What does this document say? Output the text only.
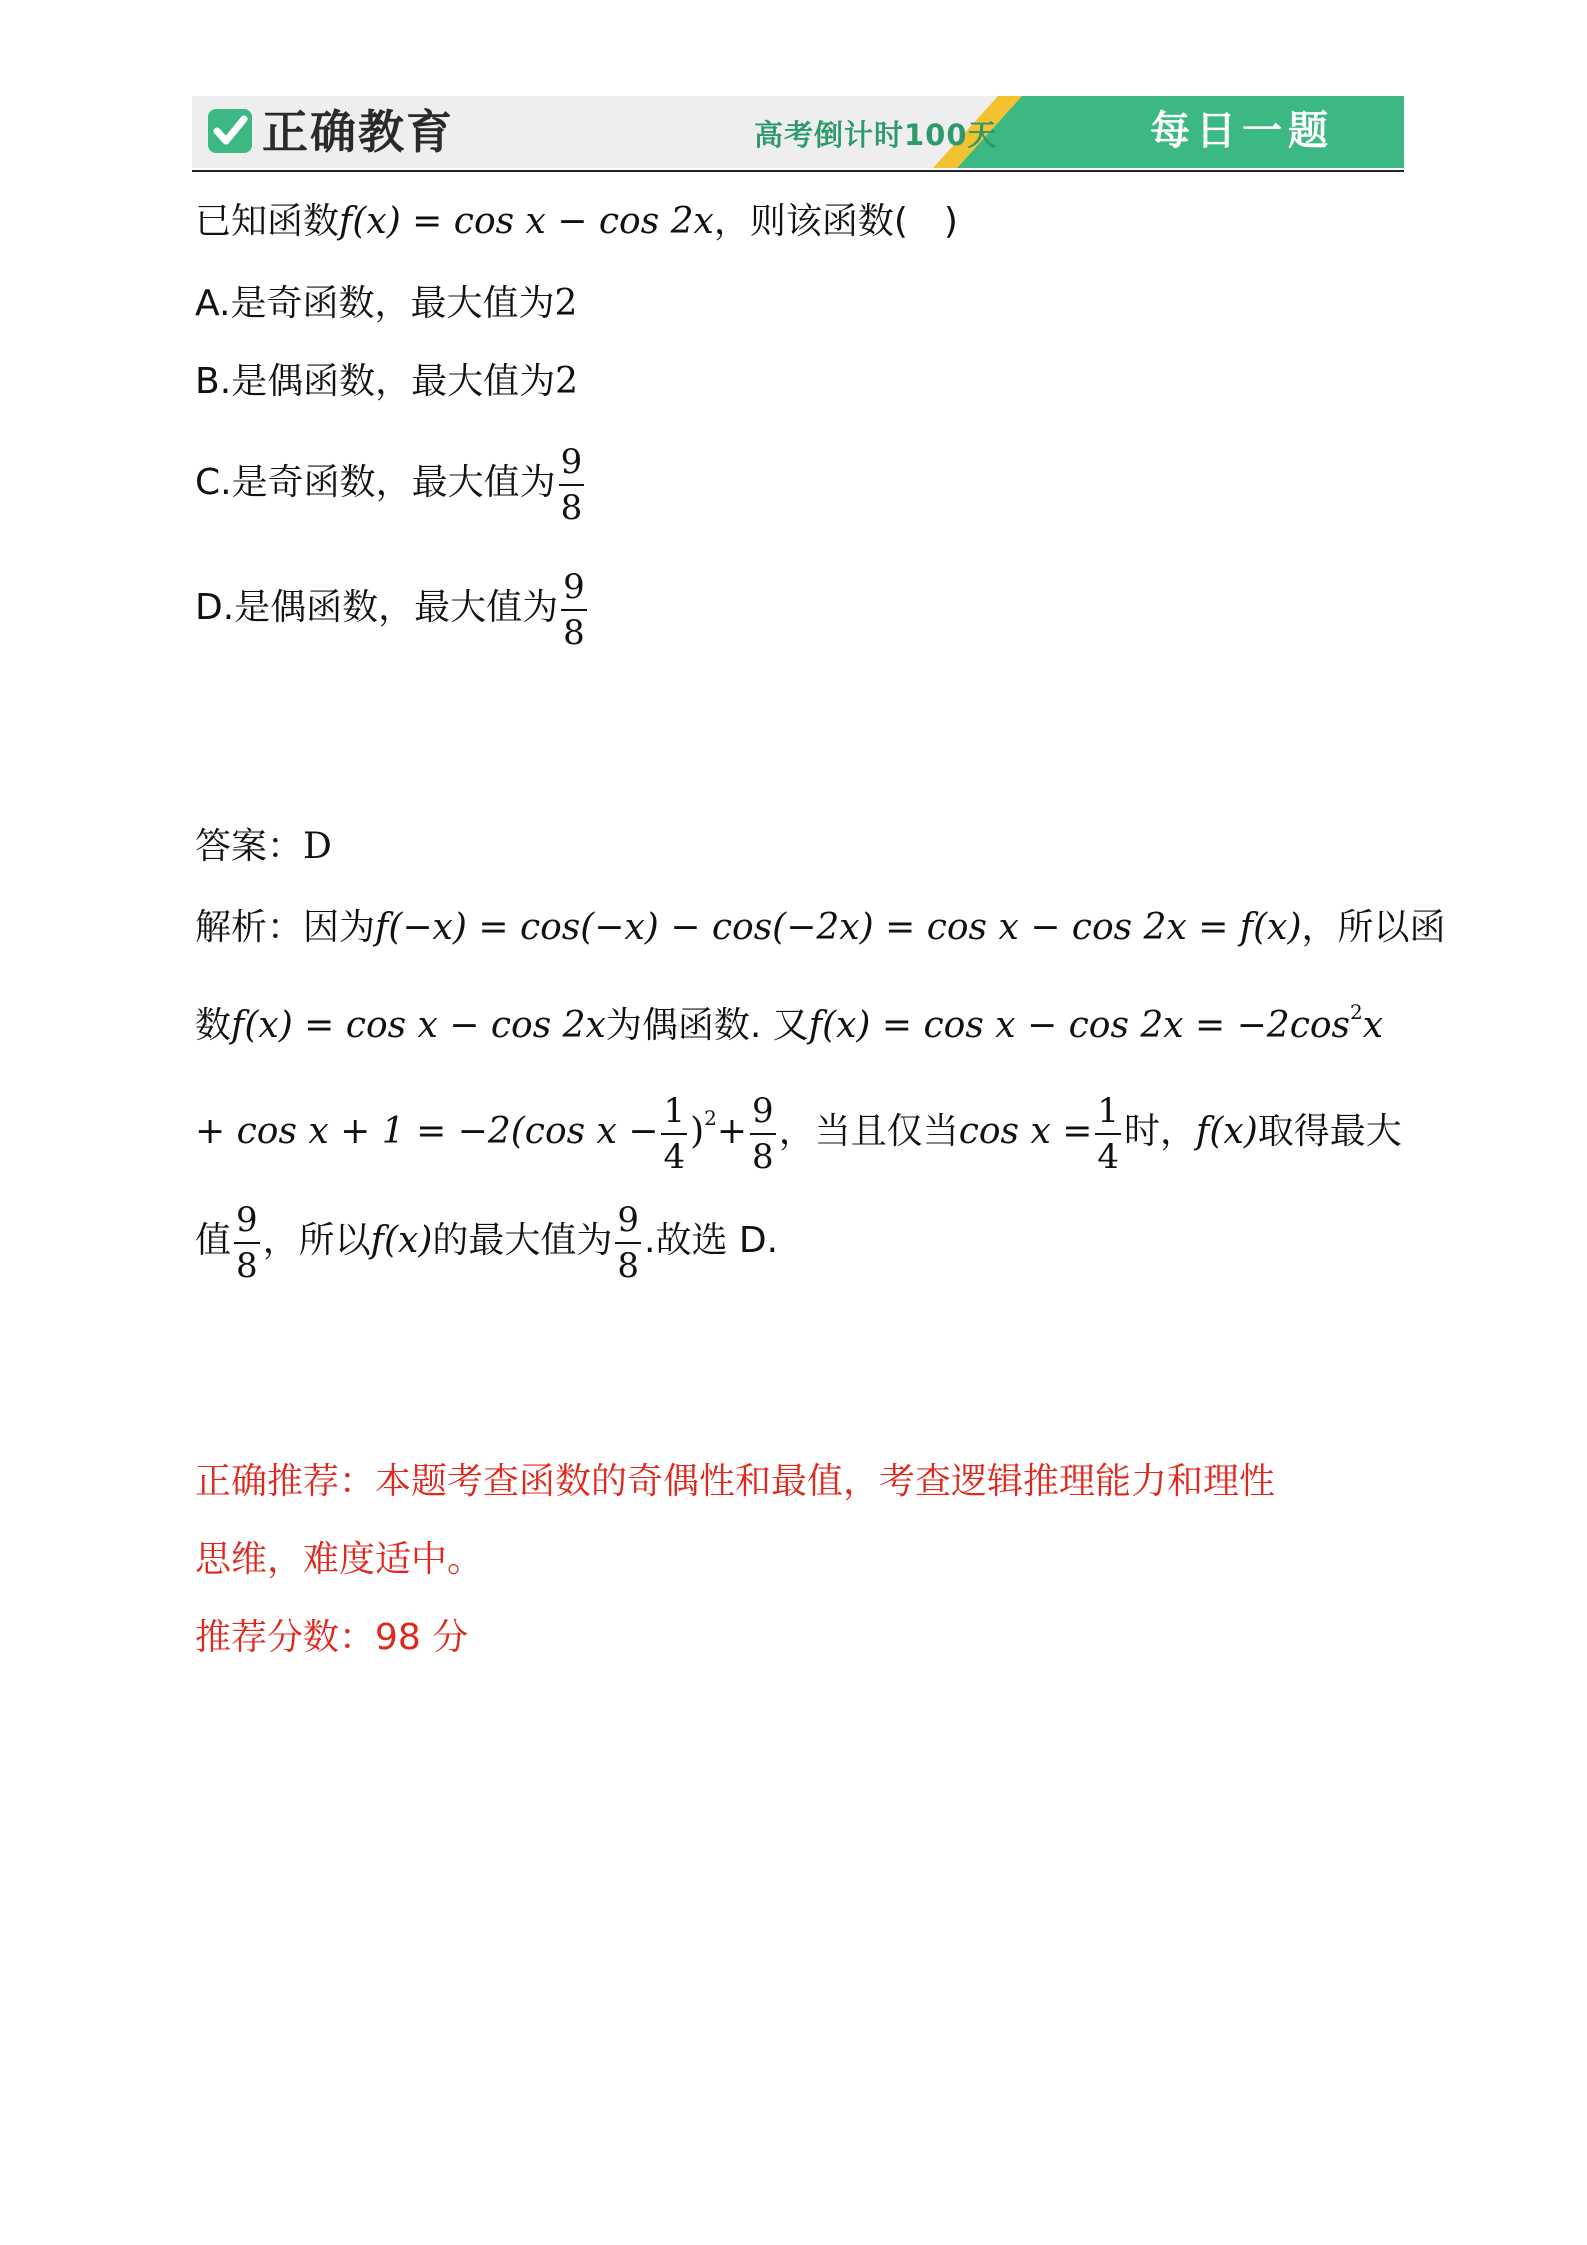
正确教育	高考倒计时100天	每日一题
已知函数f(x) = cos x − cos 2x，则该函数(　)
A.是奇函数，最大值为2
B.是偶函数，最大值为2
C.是奇函数，最大值为 $\frac{9}{8}$
D.是偶函数，最大值为 $\frac{9}{8}$
答案：D
解析：因为f(−x) = cos(−x) − cos(−2x) = cos x − cos 2x = f(x)，所以函
数f(x) = cos x − cos 2x为偶函数. 又$f(x) = \cos x - \cos 2x = -2\cos^2x$
+ cos x + 1 = −2(cos $x - \frac{1}{4} )^2+ \frac{9}{8}$ ，当且仅当$\cos x = \frac{1}{4}$ 时，f(x)取得最大
值 $\frac{9}{8}$ ，所以f(x)的最大值为 $\frac{9}{8}$ .故选 D.
正确推荐：本题考查函数的奇偶性和最值，考查逻辑推理能力和理性
思维，难度适中。
推荐分数：98 分
